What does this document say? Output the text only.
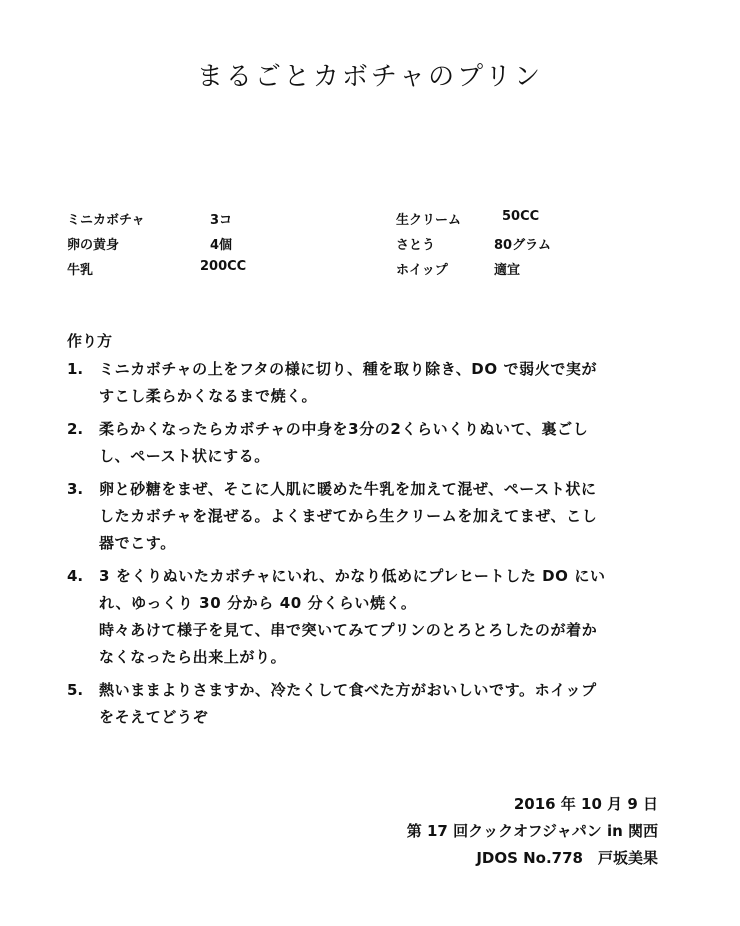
まるごとカボチャのプリン
ミニカボチャ	3コ
卵の黄身	4個
牛乳	200CC
生クリーム	50CC
さとう	80グラム
ホイップ	適宜
作り方
1. ミニカボチャの上をフタの様に切り、種を取り除き、DO で弱火で実が
すこし柔らかくなるまで焼く。
2. 柔らかくなったらカボチャの中身を3分の2くらいくりぬいて、裏ごし
し、ペースト状にする。
3. 卵と砂糖をまぜ、そこに人肌に暖めた牛乳を加えて混ぜ、ペースト状に
したカボチャを混ぜる。よくまぜてから生クリームを加えてまぜ、こし
器でこす。
4. 3 をくりぬいたカボチャにいれ、かなり低めにプレヒートした DO にい
れ、ゆっくり 30 分から 40 分くらい焼く。
時々あけて様子を見て、串で突いてみてプリンのとろとろしたのが着か
なくなったら出来上がり。
5. 熱いままよりさますか、冷たくして食べた方がおいしいです。ホイップ
をそえてどうぞ
2016 年 10 月 9 日
第 17 回クックオフジャパン in 関西
JDOS No.778　戸坂美果
